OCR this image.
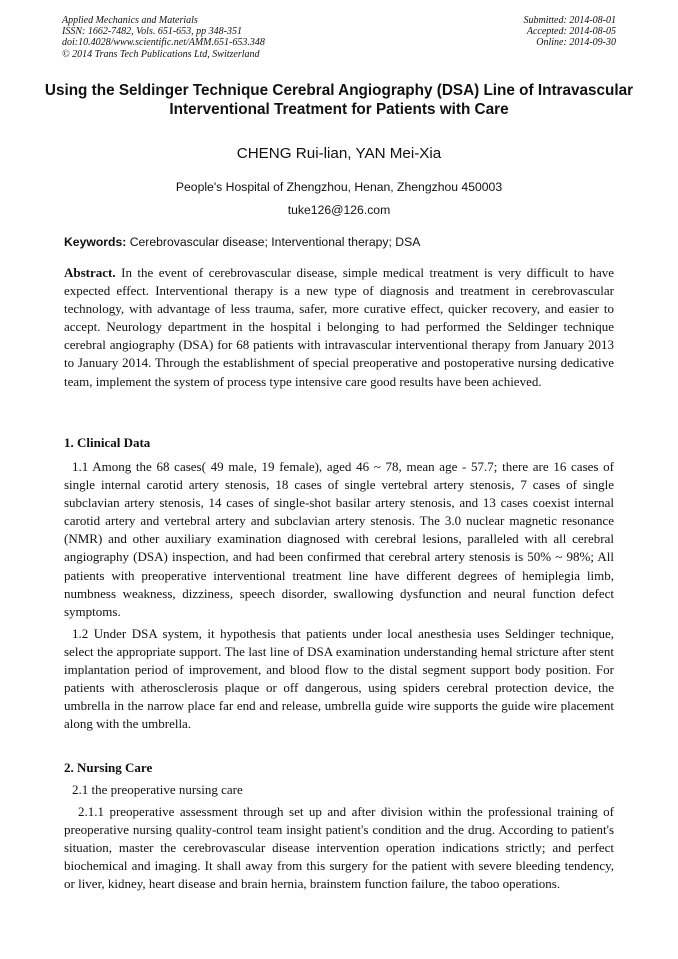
Applied Mechanics and Materials
ISSN: 1662-7482, Vols. 651-653, pp 348-351
doi:10.4028/www.scientific.net/AMM.651-653.348
© 2014 Trans Tech Publications Ltd, Switzerland
Submitted: 2014-08-01
Accepted: 2014-08-05
Online: 2014-09-30
Using the Seldinger Technique Cerebral Angiography (DSA) Line of Intravascular Interventional Treatment for Patients with Care
CHENG Rui-lian, YAN Mei-Xia
People's Hospital of Zhengzhou, Henan, Zhengzhou 450003
tuke126@126.com
Keywords: Cerebrovascular disease; Interventional therapy; DSA

Abstract. In the event of cerebrovascular disease, simple medical treatment is very difficult to have expected effect. Interventional therapy is a new type of diagnosis and treatment in cerebrovascular technology, with advantage of less trauma, safer, more curative effect, quicker recovery, and easier to accept. Neurology department in the hospital i belonging to had performed the Seldinger technique cerebral angiography (DSA) for 68 patients with intravascular interventional therapy from January 2013 to January 2014. Through the establishment of special preoperative and postoperative nursing dedicative team, implement the system of process type intensive care good results have been achieved.

1. Clinical Data

1.1 Among the 68 cases( 49 male, 19 female), aged 46 ~ 78, mean age - 57.7; there are 16 cases of single internal carotid artery stenosis, 18 cases of single vertebral artery stenosis, 7 cases of single subclavian artery stenosis, 14 cases of single-shot basilar artery stenosis, and 13 cases coexist internal carotid artery and vertebral artery and subclavian artery stenosis. The 3.0 nuclear magnetic resonance (NMR) and other auxiliary examination diagnosed with cerebral lesions, paralleled with all cerebral angiography (DSA) inspection, and had been confirmed that cerebral artery stenosis is 50% ~ 98%; All patients with preoperative interventional treatment line have different degrees of hemiplegia limb, numbness weakness, dizziness, speech disorder, swallowing dysfunction and neural function defect symptoms.

1.2 Under DSA system, it hypothesis that patients under local anesthesia uses Seldinger technique, select the appropriate support. The last line of DSA examination understanding hemal stricture after stent implantation period of improvement, and blood flow to the distal segment support body position. For patients with atherosclerosis plaque or off dangerous, using spiders cerebral protection device, the umbrella in the narrow place far end and release, umbrella guide wire supports the guide wire placement along with the umbrella.

2. Nursing Care

2.1 the preoperative nursing care

2.1.1 preoperative assessment through set up and after division within the professional training of preoperative nursing quality-control team insight patient's condition and the drug. According to patient's situation, master the cerebrovascular disease intervention operation indications strictly; and perfect biochemical and imaging. It shall away from this surgery for the patient with severe bleeding tendency, or liver, kidney, heart disease and brain hernia, brainstem function failure, the taboo operations.
